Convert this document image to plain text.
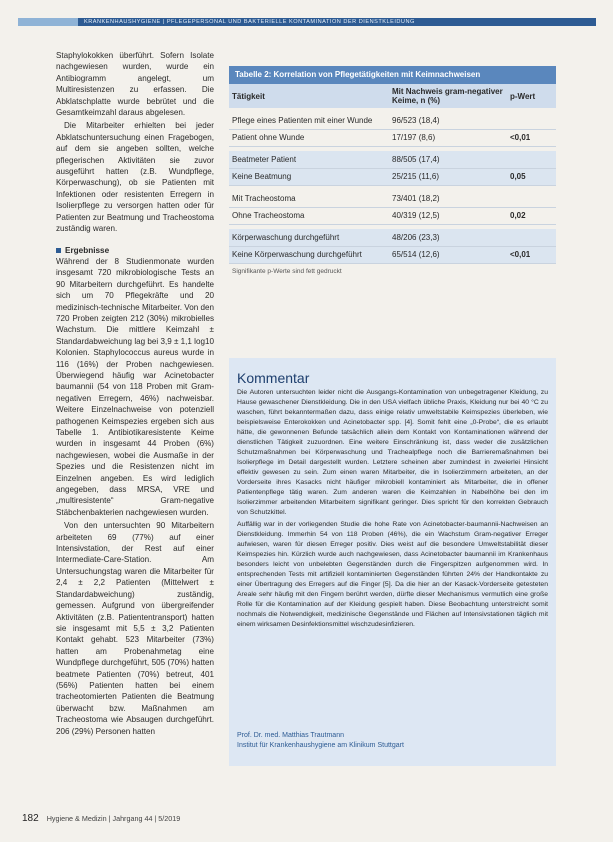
KRANKENHAUSHYGIENE | PFLEGEPERSONAL UND BAKTERIELLE KONTAMINATION DER DIENSTKLEIDUNG

Staphylokokken überführt. Sofern Isolate nachgewiesen wurden, wurde ein Antibiogramm angelegt, um Multiresistenzen zu erfassen. Die Abklatschplatte wurde bebrütet und die Gesamtkeimzahl daraus abgelesen.

Die Mitarbeiter erhielten bei jeder Abklatschuntersuchung einen Fragebogen, auf dem sie angeben sollten, welche pflegerischen Aktivitäten sie zuvor ausgeführt hatten (z.B. Wundpflege, Körperwaschung), ob sie Patienten mit Infektionen oder resistenten Erregern in Isolierpflege zu versorgen hatten oder für Patienten zur Beatmung und Tracheostoma zuständig waren.

Ergebnisse

Während der 8 Studienmonate wurden insgesamt 720 mikrobiologische Tests an 90 Mitarbeitern durchgeführt. Es handelte sich um 70 Pflegekräfte und 20 medizinisch-technische Mitarbeiter. Von den 720 Proben zeigten 212 (30%) mikrobielles Wachstum. Die mittlere Keimzahl ± Standardabweichung lag bei 3,9 ± 1,1 log10 Kolonien. Staphylococcus aureus wurde in 116 (16%) der Proben nachgewiesen. Überwiegend häufig war Acinetobacter baumannii (54 von 118 Proben mit Gram-negativen Erregern, 46%) nachweisbar. Weitere Einzelnachweise von potenziell pathogenen Keimspezies ergeben sich aus Tabelle 1. Antibiotikaresistente Keime wurden in insgesamt 44 Proben (6%) nachgewiesen, wobei die Ausmaße in der Spezies und die Resistenzen nicht im Einzelnen angeben. Es wird lediglich angegeben, dass MRSA, VRE und „multiresistente“ Gram-negative Stäbchenbakterien nachgewiesen wurden.

Von den untersuchten 90 Mitarbeitern arbeiteten 69 (77%) auf einer Intensivstation, der Rest auf einer Intermediate-Care-Station. Am Untersuchungstag waren die Mitarbeiter für 2,4 ± 2,2 Patienten (Mittelwert ± Standardabweichung) zuständig, gemessen. Aufgrund von übergreifender Aktivitäten (z.B. Patiententransport) hatten sie insgesamt mit 5,5 ± 3,2 Patienten Kontakt gehabt. 523 Mitarbeiter (73%) hatten am Probenahmetag eine Wundpflege durchgeführt, 505 (70%) hatten beatmete Patienten (70%) betreut, 401 (56%) Patienten hatten bei einem tracheotomierten Patienten die Beatmung überwacht bzw. Maßnahmen am Tracheostoma wie Absaugen durchgeführt. 206 (29%) Personen hatten

Tabelle 2: Korrelation von Pflegetätigkeiten mit Keimnachweisen
Tätigkeit	Mit Nachweis gram-negativer Keime, n (%)	p-Wert
Pflege eines Patienten mit einer Wunde	96/523 (18,4)
Patient ohne Wunde	17/197 (8,6)	<0,01
Beatmeter Patient	88/505 (17,4)
Keine Beatmung	25/215 (11,6)	0,05
Mit Tracheostoma	73/401 (18,2)
Ohne Tracheostoma	40/319 (12,5)	0,02
Körperwaschung durchgeführt	48/206 (23,3)
Keine Körperwaschung durchgeführt	65/514 (12,6)	<0,01
Signifikante p-Werte sind fett gedruckt
Kommentar

Die Autoren untersuchten leider nicht die Ausgangs-Kontamination von unbegetragener Kleidung, zu Hause gewaschener Dienstkleidung. Die in den USA vielfach übliche Praxis, Kleidung nur bei 40 °C zu waschen, führt bekanntermaßen dazu, dass einige relativ umweltstabile Keimspezies überleben, wie beispielsweise Enterokokken und Acinetobacter spp. [4]. Somit fehlt eine „0-Probe“, die es erlaubt hätte, die gewonnenen Befunde tatsächlich allein dem Kontakt von Kontaminationen während der dienstlichen Tätigkeit zuzuordnen. Eine weitere Einschränkung ist, dass weder die zusätzlichen Schutzmaßnahmen bei Körperwaschung und Trachealpflege noch die Barrieremaßnahmen bei Isolierpflege im Detail dargestellt wurden. Letztere scheinen aber zumindest in zweierlei Hinsicht effektiv gewesen zu sein. Zum einen waren Mitarbeiter, die in Isolierzimmern arbeiteten, an der Vorderseite ihres Kasacks nicht häufiger mikrobiell kontaminiert als Mitarbeiter, die in offener Patientenpflege tätig waren. Zum anderen waren die Keimzahlen in Nabelhöhe bei den im Isolierzimmer arbeitenden Mitarbeitern signifikant geringer. Dies spricht für den korrekten Gebrauch von Schutzkittel.

Auffällig war in der vorliegenden Studie die hohe Rate von Acinetobacter-baumannii-Nachweisen an Dienstkleidung. Immerhin 54 von 118 Proben (46%), die ein Wachstum Gram-negativer Erreger aufwiesen, waren für diesen Erreger positiv. Dies weist auf die besondere Umweltstabilität dieser Keimspezies hin. Kürzlich wurde auch nachgewiesen, dass Acinetobacter baumannii im Krankenhaus besonders leicht von unbelebten Gegenständen durch die Fingerspitzen aufgenommen wird. In entsprechenden Tests mit artifiziell kontaminierten Gegenständen führten 24% der Handkontakte zu einer Übertragung des Erregers auf die Finger [5]. Da die hier an der Kasack-Vorderseite getesteten Areale sehr häufig mit den Fingern berührt werden, dürfte dieser Mechanismus vermutlich eine große Rolle für die Kontamination auf der Kleidung gespielt haben. Diese Beobachtung unterstreicht somit nochmals die Notwendigkeit, medizinische Gegenstände und Flächen auf Intensivstationen täglich mit einem wirksamen Desinfektionsmittel wischzudesinfizieren.

Prof. Dr. med. Matthias Trautmann
Institut für Krankenhaushygiene am Klinikum Stuttgart
182 Hygiene & Medizin | Jahrgang 44 | 5/2019
